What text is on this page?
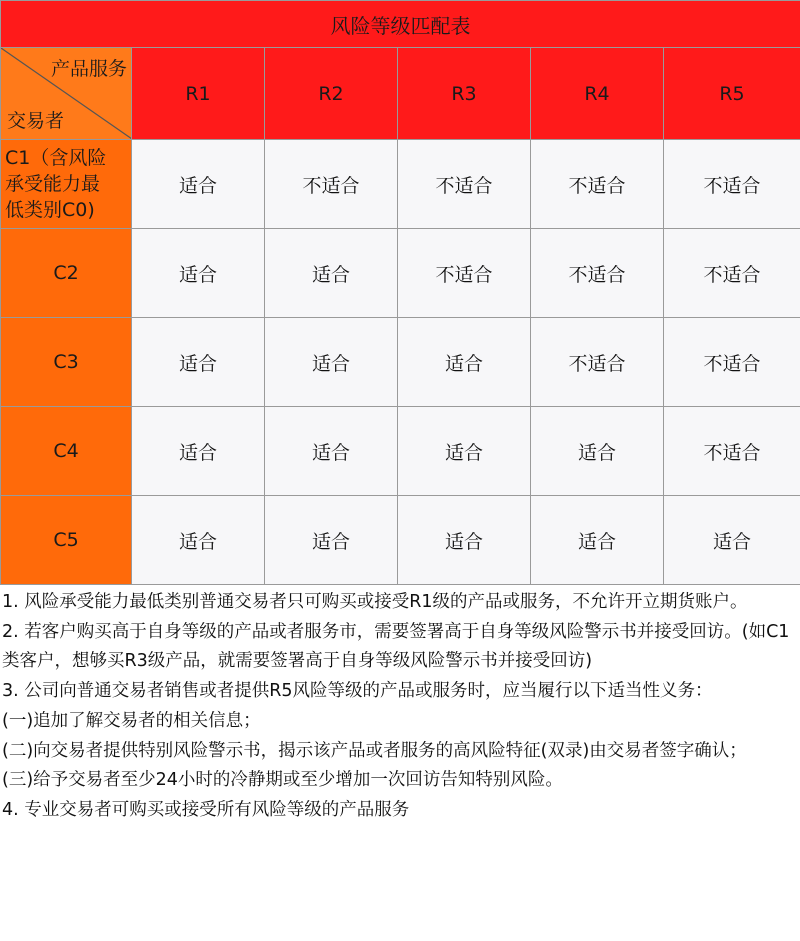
风险等级匹配表					

产品服务
交易者	R1	R2	R3	R4	R5

C1（含风险
承受能力最
低类别C0)	适合	不适合	不适合	不适合	不适合
C2	适合	适合	不适合	不适合	不适合
C3	适合	适合	适合	不适合	不适合
C4	适合	适合	适合	适合	不适合
C5	适合	适合	适合	适合	适合

1. 风险承受能力最低类别普通交易者只可购买或接受R1级的产品或服务，不允许开立期货账户。

2. 若客户购买高于自身等级的产品或者服务市，需要签署高于自身等级风险警示书并接受回访。(如C1类客户，想够买R3级产品，就需要签署高于自身等级风险警示书并接受回访)

3. 公司向普通交易者销售或者提供R5风险等级的产品或服务时，应当履行以下适当性义务：

(一)追加了解交易者的相关信息；

(二)向交易者提供特别风险警示书，揭示该产品或者服务的高风险特征(双录)由交易者签字确认；

(三)给予交易者至少24小时的冷静期或至少增加一次回访告知特别风险。

4. 专业交易者可购买或接受所有风险等级的产品服务
